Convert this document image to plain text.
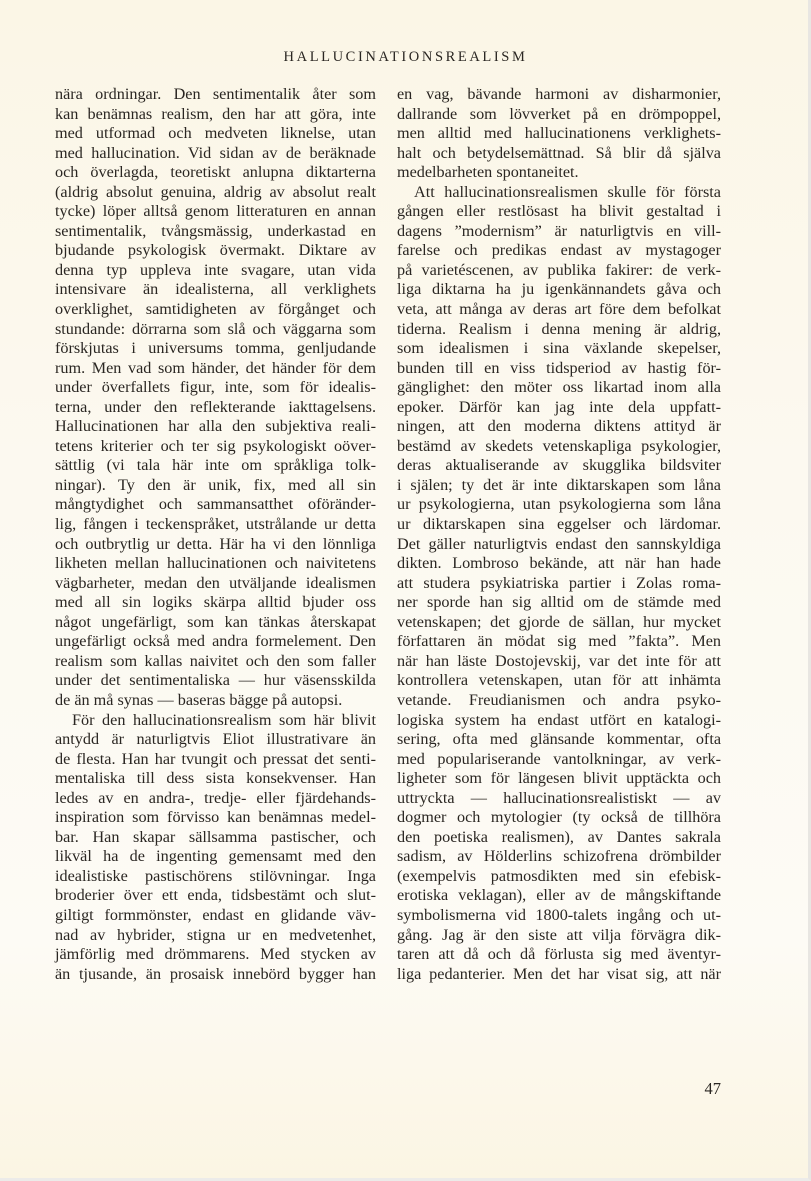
HALLUCINATIONSREALISM
nära ordningar. Den sentimentalik åter som
kan benämnas realism, den har att göra, inte
med utformad och medveten liknelse, utan
med hallucination. Vid sidan av de beräknade
och överlagda, teoretiskt anlupna diktarterna
(aldrig absolut genuina, aldrig av absolut realt
tycke) löper alltså genom litteraturen en annan
sentimentalik, tvångsmässig, underkastad en
bjudande psykologisk övermakt. Diktare av
denna typ uppleva inte svagare, utan vida
intensivare än idealisterna, all verklighets
overklighet, samtidigheten av förgånget och
stundande: dörrarna som slå och väggarna som
förskjutas i universums tomma, genljudande
rum. Men vad som händer, det händer för dem
under överfallets figur, inte, som för idealis-
terna, under den reflekterande iakttagelsens.
Hallucinationen har alla den subjektiva reali-
tetens kriterier och ter sig psykologiskt oöver-
sättlig (vi tala här inte om språkliga tolk-
ningar). Ty den är unik, fix, med all sin
mångtydighet och sammansatthet oföränder-
lig, fången i teckenspråket, utstrålande ur detta
och outbrytlig ur detta. Här ha vi den lönnliga
likheten mellan hallucinationen och naivitetens
vägbarheter, medan den utväljande idealismen
med all sin logiks skärpa alltid bjuder oss
något ungefärligt, som kan tänkas återskapat
ungefärligt också med andra formelement. Den
realism som kallas naivitet och den som faller
under det sentimentaliska — hur väsensskilda
de än må synas — baseras bägge på autopsi.
För den hallucinationsrealism som här blivit
antydd är naturligtvis Eliot illustrativare än
de flesta. Han har tvungit och pressat det senti-
mentaliska till dess sista konsekvenser. Han
ledes av en andra-, tredje- eller fjärdehands-
inspiration som förvisso kan benämnas medel-
bar. Han skapar sällsamma pastischer, och
likväl ha de ingenting gemensamt med den
idealistiske pastischörens stilövningar. Inga
broderier över ett enda, tidsbestämt och slut-
giltigt formmönster, endast en glidande väv-
nad av hybrider, stigna ur en medvetenhet,
jämförlig med drömmarens. Med stycken av
än tjusande, än prosaisk innebörd bygger han
en vag, bävande harmoni av disharmonier,
dallrande som lövverket på en drömpoppel,
men alltid med hallucinationens verklighets-
halt och betydelsemättnad. Så blir då själva
medelbarheten spontaneitet.
Att hallucinationsrealismen skulle för första
gången eller restlösast ha blivit gestaltad i
dagens ”modernism” är naturligtvis en vill-
farelse och predikas endast av mystagoger
på varietéscenen, av publika fakirer: de verk-
liga diktarna ha ju igenkännandets gåva och
veta, att många av deras art före dem befolkat
tiderna. Realism i denna mening är aldrig,
som idealismen i sina växlande skepelser,
bunden till en viss tidsperiod av hastig för-
gänglighet: den möter oss likartad inom alla
epoker. Därför kan jag inte dela uppfatt-
ningen, att den moderna diktens attityd är
bestämd av skedets vetenskapliga psykologier,
deras aktualiserande av skugglika bildsviter
i själen; ty det är inte diktarskapen som låna
ur psykologierna, utan psykologierna som låna
ur diktarskapen sina eggelser och lärdomar.
Det gäller naturligtvis endast den sannskyldiga
dikten. Lombroso bekände, att när han hade
att studera psykiatriska partier i Zolas roma-
ner sporde han sig alltid om de stämde med
vetenskapen; det gjorde de sällan, hur mycket
författaren än mödat sig med ”fakta”. Men
när han läste Dostojevskij, var det inte för att
kontrollera vetenskapen, utan för att inhämta
vetande. Freudianismen och andra psyko-
logiska system ha endast utfört en katalogi-
sering, ofta med glänsande kommentar, ofta
med populariserande vantolkningar, av verk-
ligheter som för längesen blivit upptäckta och
uttryckta — hallucinationsrealistiskt — av
dogmer och mytologier (ty också de tillhöra
den poetiska realismen), av Dantes sakrala
sadism, av Hölderlins schizofrena drömbilder
(exempelvis patmosdikten med sin efebisk-
erotiska veklagan), eller av de mångskiftande
symbolismerna vid 1800-talets ingång och ut-
gång. Jag är den siste att vilja förvägra dik-
taren att då och då förlusta sig med äventyr-
liga pedanterier. Men det har visat sig, att när
47
